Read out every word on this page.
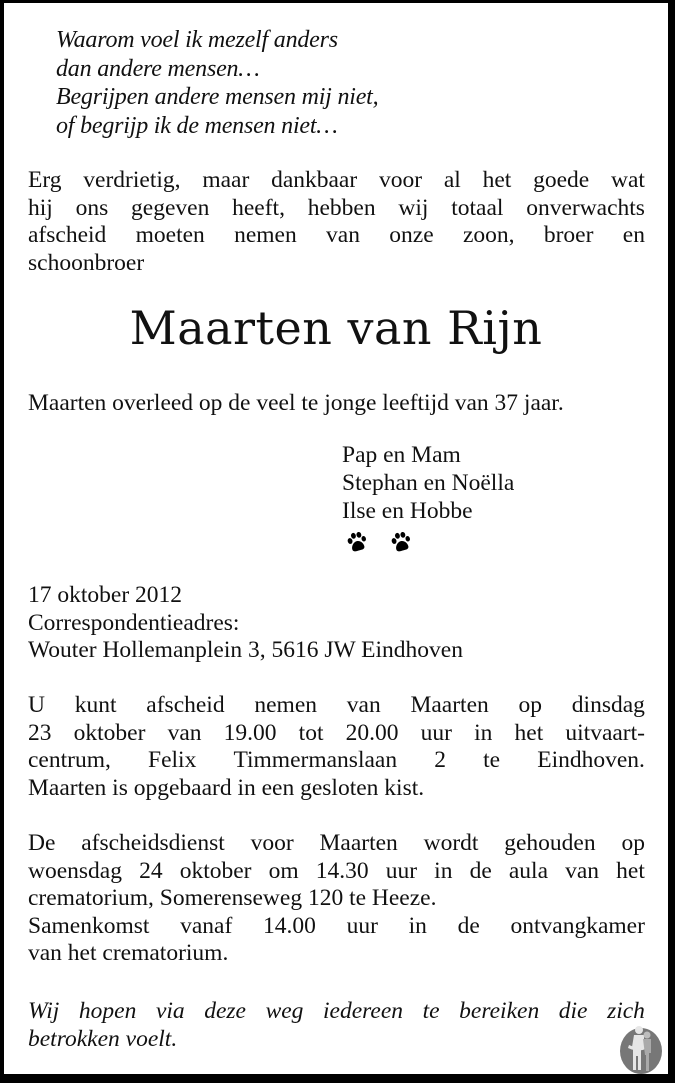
Waarom voel ik mezelf anders
dan andere mensen…
Begrijpen andere mensen mij niet,
of begrijp ik de mensen niet…
Erg verdrietig, maar dankbaar voor al het goede wat
hij ons gegeven heeft, hebben wij totaal onverwachts
afscheid moeten nemen van onze zoon, broer en
schoonbroer
Maarten van Rijn
Maarten overleed op de veel te jonge leeftijd van 37 jaar.
Pap en Mam
Stephan en Noëlla
Ilse en Hobbe
17 oktober 2012
Correspondentieadres:
Wouter Hollemanplein 3, 5616 JW Eindhoven
U kunt afscheid nemen van Maarten op dinsdag
23 oktober van 19.00 tot 20.00 uur in het uitvaart-
centrum, Felix Timmermanslaan 2 te Eindhoven.
Maarten is opgebaard in een gesloten kist.
De afscheidsdienst voor Maarten wordt gehouden op
woensdag 24 oktober om 14.30 uur in de aula van het
crematorium, Somerenseweg 120 te Heeze.
Samenkomst vanaf 14.00 uur in de ontvangkamer
van het crematorium.
Wij hopen via deze weg iedereen te bereiken die zich
betrokken voelt.
